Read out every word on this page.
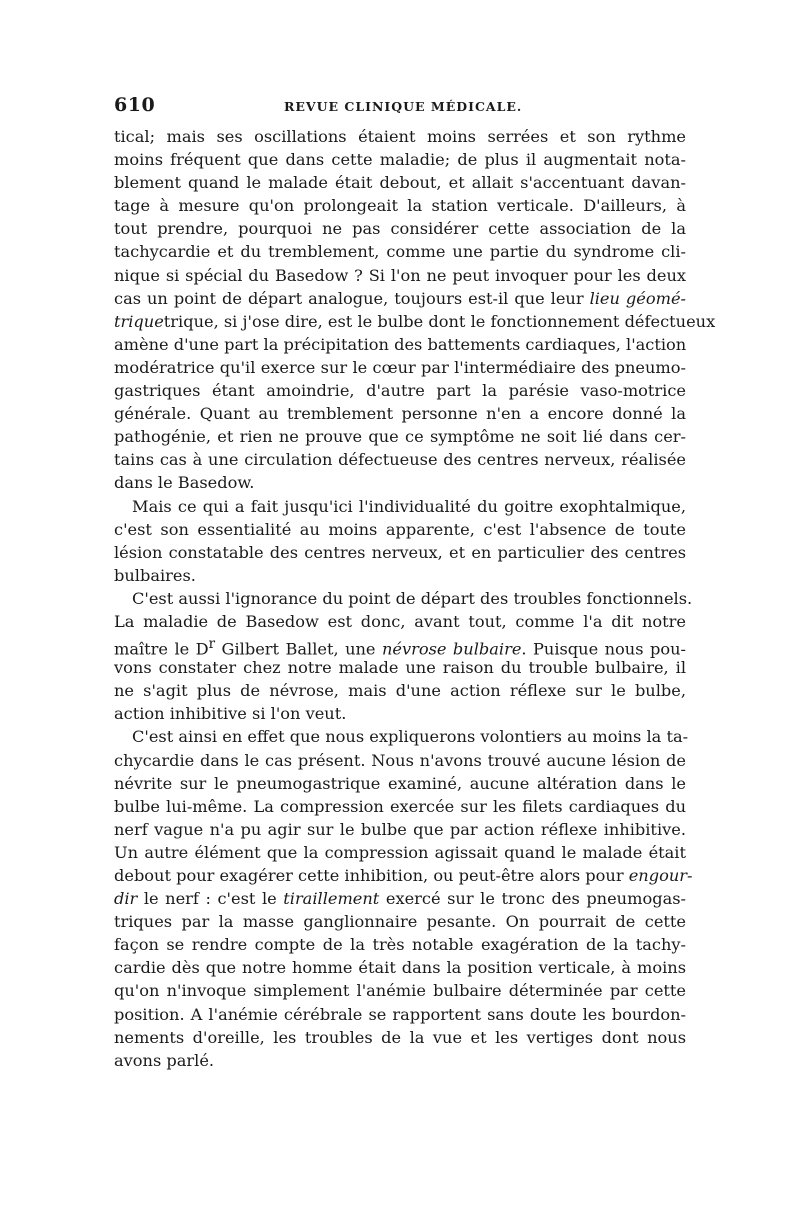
610	REVUE CLINIQUE MÉDICALE.
tical; mais ses oscillations étaient moins serrées et son rythme
moins fréquent que dans cette maladie; de plus il augmentait nota-
blement quand le malade était debout, et allait s'accentuant davan-
tage à mesure qu'on prolongeait la station verticale. D'ailleurs, à
tout prendre, pourquoi ne pas considérer cette association de la
tachycardie et du tremblement, comme une partie du syndrome cli-
nique si spécial du Basedow ? Si l'on ne peut invoquer pour les deux
cas un point de départ analogue, toujours est-il que leur lieu géomé-
triquetrique, si j'ose dire, est le bulbe dont le fonctionnement défectueux
amène d'une part la précipitation des battements cardiaques, l'action
modératrice qu'il exerce sur le cœur par l'intermédiaire des pneumo-
gastriques étant amoindrie, d'autre part la parésie vaso-motrice
générale. Quant au tremblement personne n'en a encore donné la
pathogénie, et rien ne prouve que ce symptôme ne soit lié dans cer-
tains cas à une circulation défectueuse des centres nerveux, réalisée
dans le Basedow.
Mais ce qui a fait jusqu'ici l'individualité du goitre exophtalmique,
c'est son essentialité au moins apparente, c'est l'absence de toute
lésion constatable des centres nerveux, et en particulier des centres
bulbaires.
C'est aussi l'ignorance du point de départ des troubles fonctionnels.
La maladie de Basedow est donc, avant tout, comme l'a dit notre
maître le $D^r$ Gilbert Ballet, une névrose bulbaire. Puisque nous pou-
vons constater chez notre malade une raison du trouble bulbaire, il
ne s'agit plus de névrose, mais d'une action réflexe sur le bulbe,
action inhibitive si l'on veut.
C'est ainsi en effet que nous expliquerons volontiers au moins la ta-
chycardie dans le cas présent. Nous n'avons trouvé aucune lésion de
névrite sur le pneumogastrique examiné, aucune altération dans le
bulbe lui-même. La compression exercée sur les filets cardiaques du
nerf vague n'a pu agir sur le bulbe que par action réflexe inhibitive.
Un autre élément que la compression agissait quand le malade était
debout pour exagérer cette inhibition, ou peut-être alors pour engour-
dir le nerf : c'est le tiraillement exercé sur le tronc des pneumogas-
triques par la masse ganglionnaire pesante. On pourrait de cette
façon se rendre compte de la très notable exagération de la tachy-
cardie dès que notre homme était dans la position verticale, à moins
qu'on n'invoque simplement l'anémie bulbaire déterminée par cette
position. A l'anémie cérébrale se rapportent sans doute les bourdon-
nements d'oreille, les troubles de la vue et les vertiges dont nous
avons parlé.
